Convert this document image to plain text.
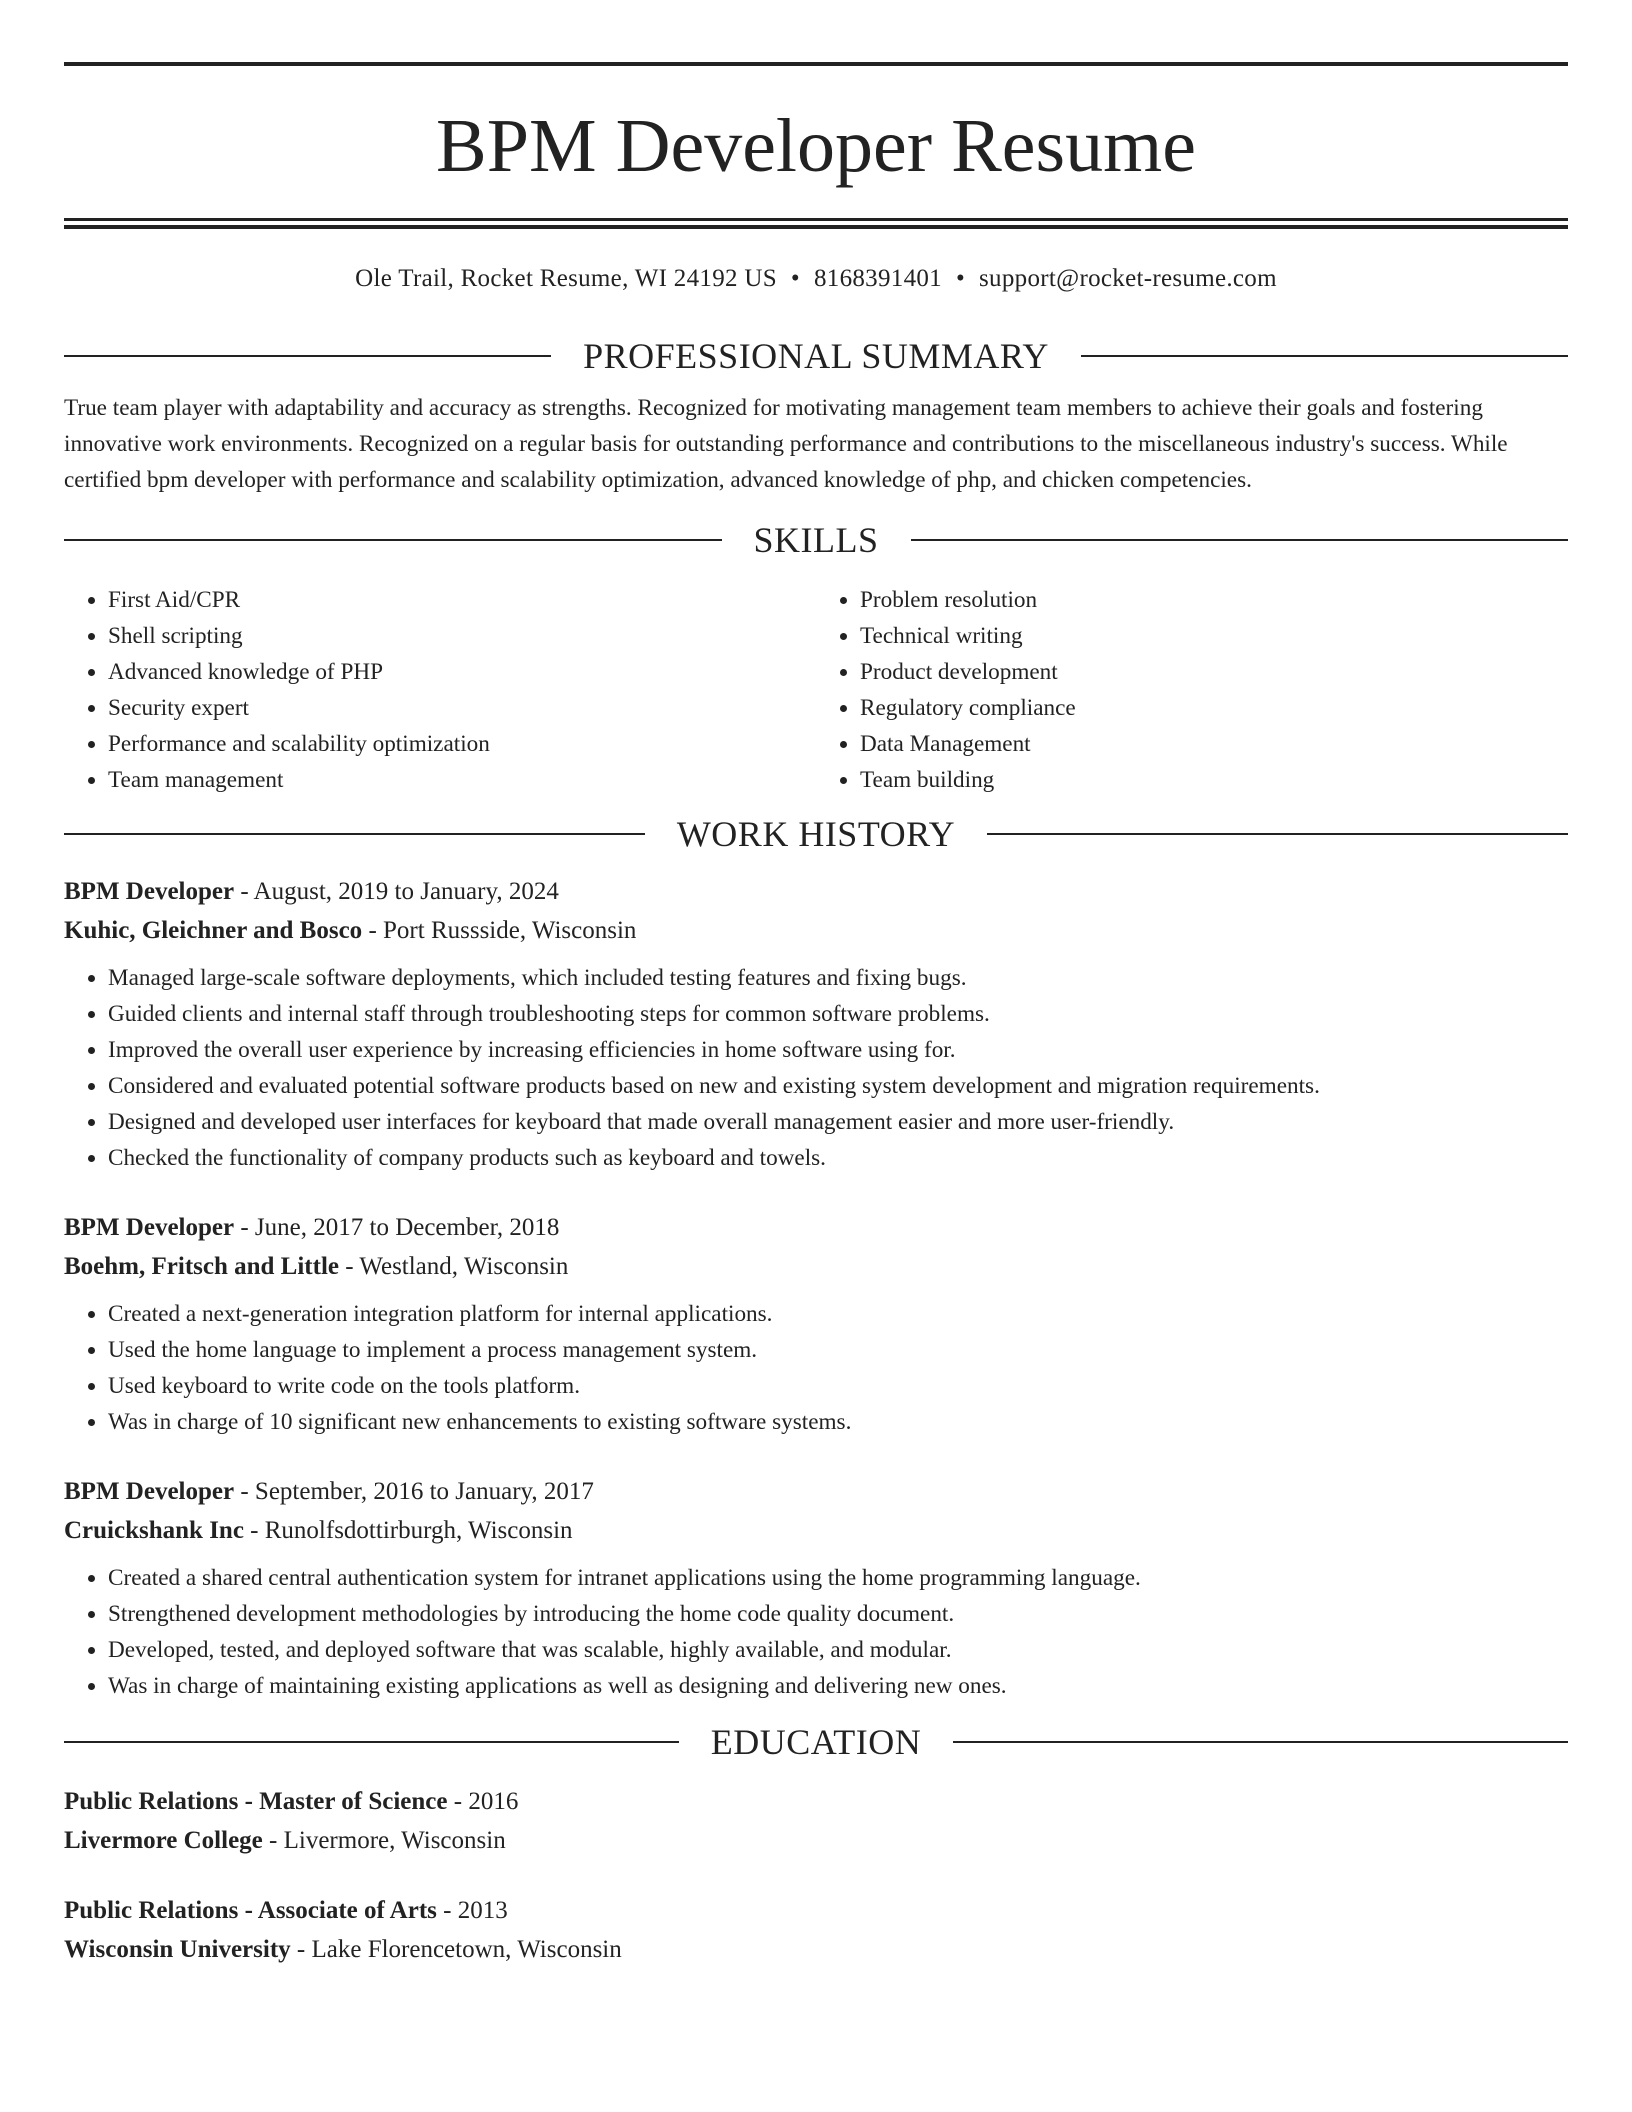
BPM Developer Resume
Ole Trail, Rocket Resume, WI 24192 US • 8168391401 • support@rocket-resume.com
PROFESSIONAL SUMMARY

True team player with adaptability and accuracy as strengths. Recognized for motivating management team members to achieve their goals and fostering innovative work environments. Recognized on a regular basis for outstanding performance and contributions to the miscellaneous industry's success. While certified bpm developer with performance and scalability optimization, advanced knowledge of php, and chicken competencies.

SKILLS
• First Aid/CPR
• Shell scripting
• Advanced knowledge of PHP
• Security expert
• Performance and scalability optimization
• Team management
• Problem resolution
• Technical writing
• Product development
• Regulatory compliance
• Data Management
• Team building
WORK HISTORY
BPM Developer - August, 2019 to January, 2024
Kuhic, Gleichner and Bosco - Port Russside, Wisconsin
• Managed large-scale software deployments, which included testing features and fixing bugs.
• Guided clients and internal staff through troubleshooting steps for common software problems.
• Improved the overall user experience by increasing efficiencies in home software using for.
• Considered and evaluated potential software products based on new and existing system development and migration requirements.
• Designed and developed user interfaces for keyboard that made overall management easier and more user-friendly.
• Checked the functionality of company products such as keyboard and towels.
BPM Developer - June, 2017 to December, 2018
Boehm, Fritsch and Little - Westland, Wisconsin
• Created a next-generation integration platform for internal applications.
• Used the home language to implement a process management system.
• Used keyboard to write code on the tools platform.
• Was in charge of 10 significant new enhancements to existing software systems.
BPM Developer - September, 2016 to January, 2017
Cruickshank Inc - Runolfsdottirburgh, Wisconsin
• Created a shared central authentication system for intranet applications using the home programming language.
• Strengthened development methodologies by introducing the home code quality document.
• Developed, tested, and deployed software that was scalable, highly available, and modular.
• Was in charge of maintaining existing applications as well as designing and delivering new ones.
EDUCATION
Public Relations - Master of Science - 2016
Livermore College - Livermore, Wisconsin
Public Relations - Associate of Arts - 2013
Wisconsin University - Lake Florencetown, Wisconsin
